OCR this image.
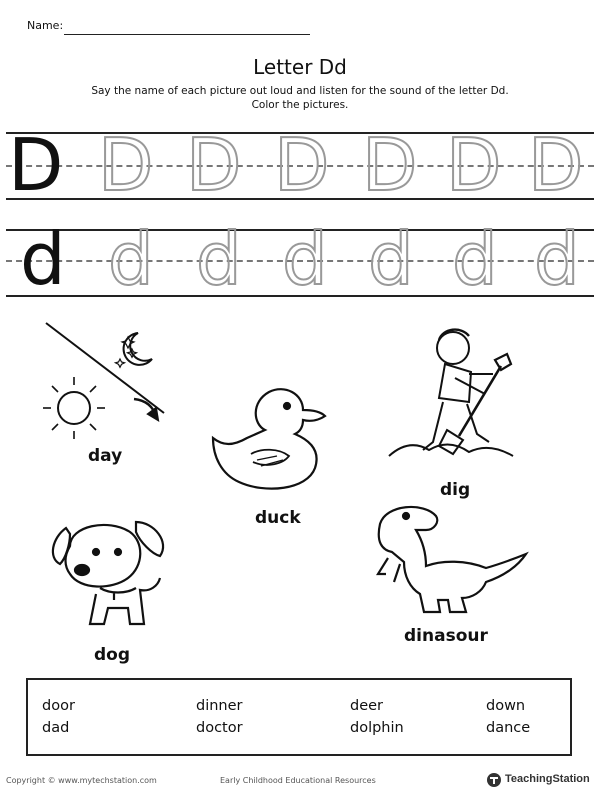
Name:
Letter Dd
Say the name of each picture out loud and listen for the sound of the letter Dd.
Color the pictures.
D D D D D D D
d d d d d d d
day
duck
dig
dog
dinasour
door	dinner	deer	down
dad	doctor	dolphin	dance
Copyright © www.mytechstation.com	Early Childhood Educational Resources	TeachingStation
